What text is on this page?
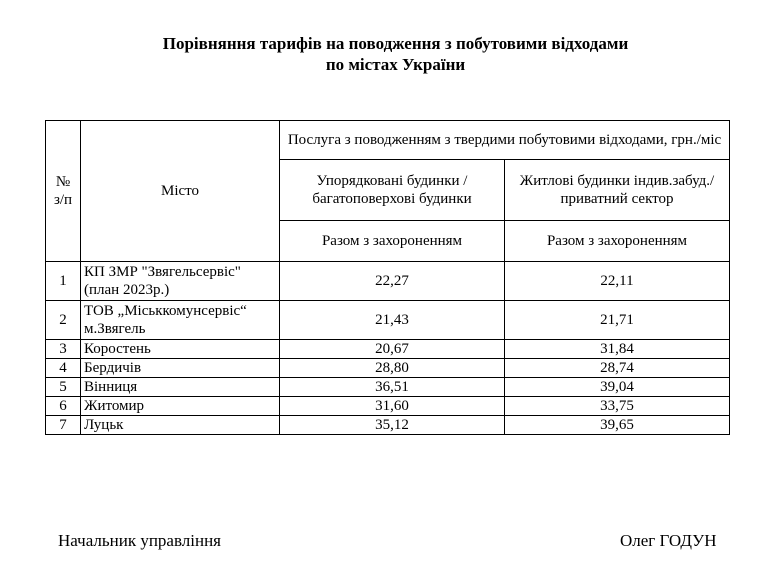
Порівняння тарифів на поводження з побутовими відходами
по містах України
№ з/п	Місто	Послуга з поводженням з твердими побутовими відходами, грн./міс	
		Упорядковані будинки /багатоповерхові будинки	Житлові будинки індив.забуд./приватний сектор
		Разом з захороненням	Разом з захороненням
1	КП ЗМР "Звягельсервіс" (план 2023р.)	22,27	22,11
2	ТОВ „Міськкомунсервіс“ м.Звягель	21,43	21,71
3	Коростень	20,67	31,84
4	Бердичів	28,80	28,74
5	Вінниця	36,51	39,04
6	Житомир	31,60	33,75
7	Луцьк	35,12	39,65
Начальник управління	Олег ГОДУН
